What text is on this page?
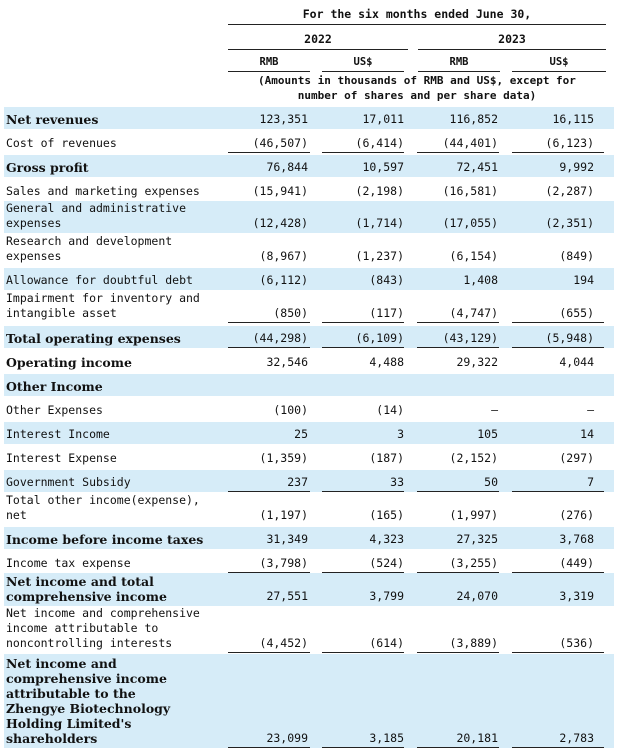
For the six months ended June 30,
2022	2023
RMB	US$	RMB	US$
(Amounts in thousands of RMB and US$, except for
number of shares and per share data)
Net revenues	123,351	17,011	116,852	16,115
Cost of revenues	(46,507)	(6,414)	(44,401)	(6,123)
Gross profit	76,844	10,597	72,451	9,992
Sales and marketing expenses	(15,941)	(2,198)	(16,581)	(2,287)
General and administrative
expenses	(12,428)	(1,714)	(17,055)	(2,351)
Research and development
expenses	(8,967)	(1,237)	(6,154)	(849)
Allowance for doubtful debt	(6,112)	(843)	1,408	194
Impairment for inventory and
intangible asset	(850)	(117)	(4,747)	(655)
Total operating expenses	(44,298)	(6,109)	(43,129)	(5,948)
Operating income	32,546	4,488	29,322	4,044
Other Income
Other Expenses	(100)	(14)	—	—
Interest Income	25	3	105	14
Interest Expense	(1,359)	(187)	(2,152)	(297)
Government Subsidy	237	33	50	7
Total other income(expense),
net	(1,197)	(165)	(1,997)	(276)
Income before income taxes	31,349	4,323	27,325	3,768
Income tax expense	(3,798)	(524)	(3,255)	(449)
Net income and total
comprehensive income	27,551	3,799	24,070	3,319
Net income and comprehensive
income attributable to
noncontrolling interests	(4,452)	(614)	(3,889)	(536)
Net income and
comprehensive income
attributable to the
Zhengye Biotechnology
Holding Limited's
shareholders	23,099	3,185	20,181	2,783
